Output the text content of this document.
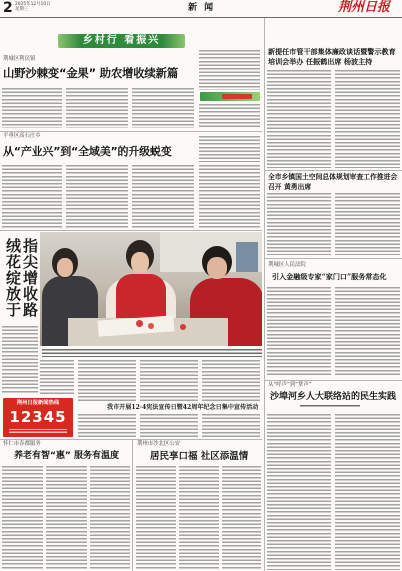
2 2025年12月10日
星期三	新 闻	荆州日报
乡村行 看振兴
荆城区利民镇
山野沙棘变“金果” 助农增收续新篇
平垂区高石庄乡
从“产业兴”到“全域美”的升级蜕变
绒花绽放于 指尖增收路
我市开展12·4宪法宣传日暨42周年纪念日集中宣传活动
荆州日报新闻热线
12345
怀仁市春都服务
养老有智“惠” 服务有温度
荆州市沙北区公安
居民享口福 社区添温情
新提任市管干部集体廉政谈话暨警示教育
培训会举办 任振鹤出席 杨波主持
全市乡镇国土空间总体规划审查工作推进会
召开 黄勇出席
荆城区人民法院
引入金融级专家“家门口”服务常态化
从“呼声”到“掌声”
沙埠河乡人大联络站的民生实践
